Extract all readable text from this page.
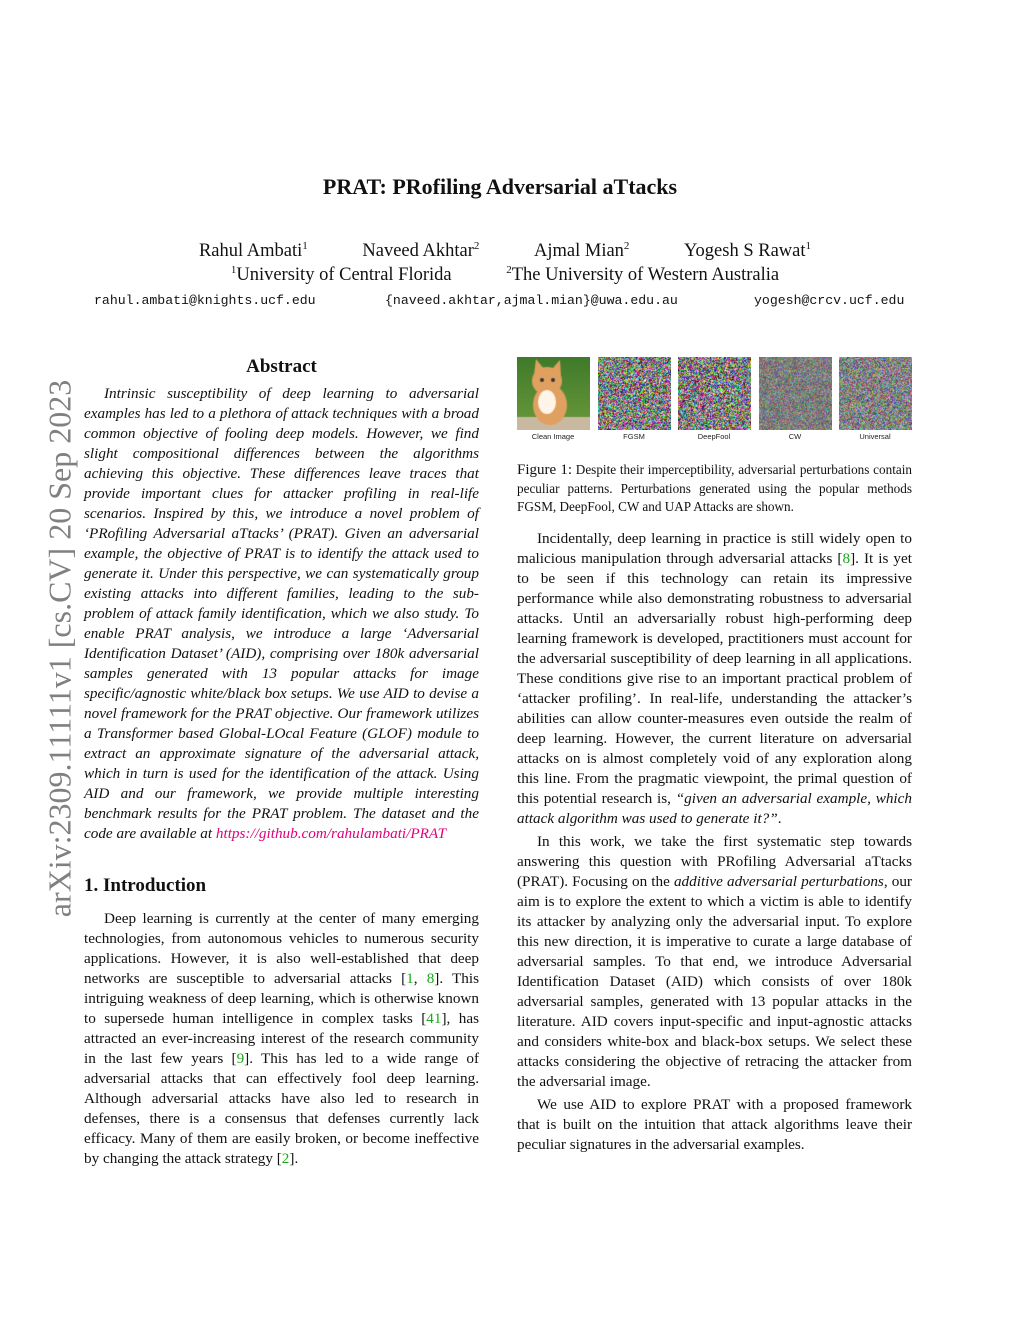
PRAT: PRofiling Adversarial aTtacks
Rahul Ambati$^1$	Naveed Akhtar$^2$	Ajmal Mian$^2$	Yogesh S Rawat$^1$
$^1$University of Central Florida	$^2$The University of Western Australia
rahul.ambati@knights.ucf.edu	{naveed.akhtar,ajmal.mian}@uwa.edu.au	yogesh@crcv.ucf.edu
arXiv:2309.11111v1 [cs.CV] 20 Sep 2023
Abstract

Intrinsic susceptibility of deep learning to adversarial examples has led to a plethora of attack techniques with a broad common objective of fooling deep models. However, we find slight compositional differences between the algorithms achieving this objective. These differences leave traces that provide important clues for attacker profiling in real-life scenarios. Inspired by this, we introduce a novel problem of ‘PRofiling Adversarial aTtacks’ (PRAT). Given an adversarial example, the objective of PRAT is to identify the attack used to generate it. Under this perspective, we can systematically group existing attacks into different families, leading to the sub-problem of attack family identification, which we also study. To enable PRAT analysis, we introduce a large ‘Adversarial Identification Dataset’ (AID), comprising over 180k adversarial samples generated with 13 popular attacks for image specific/agnostic white/black box setups. We use AID to devise a novel framework for the PRAT objective. Our framework utilizes a Transformer based Global-LOcal Feature (GLOF) module to extract an approximate signature of the adversarial attack, which in turn is used for the identification of the attack. Using AID and our framework, we provide multiple interesting benchmark results for the PRAT problem. The dataset and the code are available at https://github.com/rahulambati/PRAT

1. Introduction

Deep learning is currently at the center of many emerging technologies, from autonomous vehicles to numerous security applications. However, it is also well-established that deep networks are susceptible to adversarial attacks [1, 8]. This intriguing weakness of deep learning, which is otherwise known to supersede human intelligence in complex tasks [41], has attracted an ever-increasing interest of the research community in the last few years [9]. This has led to a wide range of adversarial attacks that can effectively fool deep learning. Although adversarial attacks have also led to research in defenses, there is a consensus that defenses currently lack efficacy. Many of them are easily broken, or become ineffective by changing the attack strategy [2].

Clean Image	FGSM	DeepFool	CW	Universal
Figure 1: Despite their imperceptibility, adversarial perturbations contain peculiar patterns. Perturbations generated using the popular methods FGSM, DeepFool, CW and UAP Attacks are shown.

Incidentally, deep learning in practice is still widely open to malicious manipulation through adversarial attacks [8]. It is yet to be seen if this technology can retain its impressive performance while also demonstrating robustness to adversarial attacks. Until an adversarially robust high-performing deep learning framework is developed, practitioners must account for the adversarial susceptibility of deep learning in all applications. These conditions give rise to an important practical problem of ‘attacker profiling’. In real-life, understanding the attacker’s abilities can allow counter-measures even outside the realm of deep learning. However, the current literature on adversarial attacks on is almost completely void of any exploration along this line. From the pragmatic viewpoint, the primal question of this potential research is, “given an adversarial example, which attack algorithm was used to generate it?”.

In this work, we take the first systematic step towards answering this question with PRofiling Adversarial aTtacks (PRAT). Focusing on the additive adversarial perturbations, our aim is to explore the extent to which a victim is able to identify its attacker by analyzing only the adversarial input. To explore this new direction, it is imperative to curate a large database of adversarial samples. To that end, we introduce Adversarial Identification Dataset (AID) which consists of over 180k adversarial samples, generated with 13 popular attacks in the literature. AID covers input-specific and input-agnostic attacks and considers white-box and black-box setups. We select these attacks considering the objective of retracing the attacker from the adversarial image.

We use AID to explore PRAT with a proposed framework that is built on the intuition that attack algorithms leave their peculiar signatures in the adversarial examples.
